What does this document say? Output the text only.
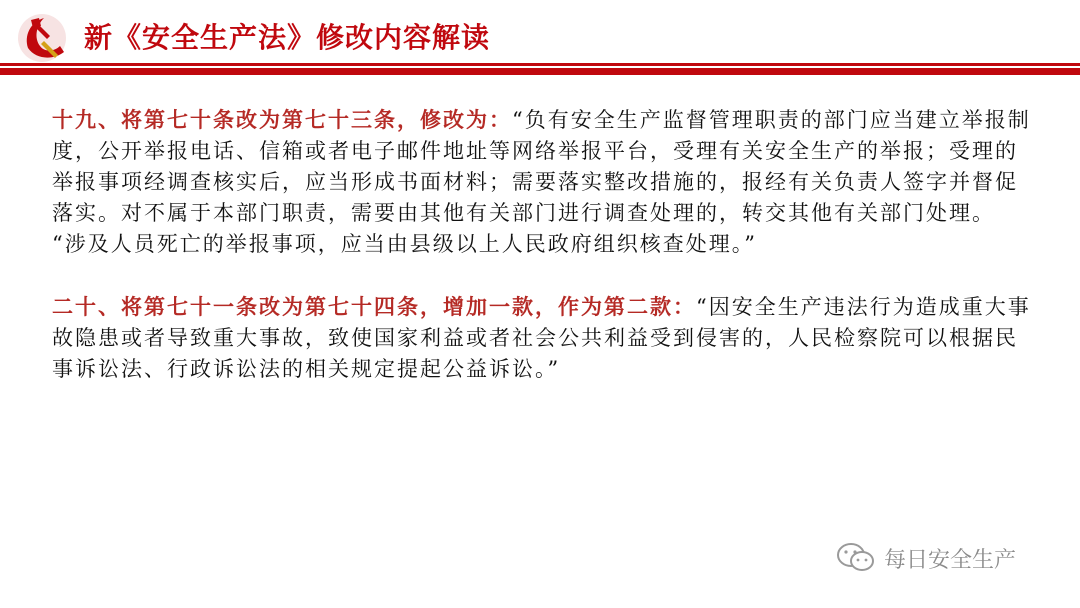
新《安全生产法》修改内容解读

十九、将第七十条改为第七十三条，修改为：“负有安全生产监督管理职责的部门应当建立举报制度，公开举报电话、信箱或者电子邮件地址等网络举报平台，受理有关安全生产的举报；受理的举报事项经调查核实后，应当形成书面材料；需要落实整改措施的，报经有关负责人签字并督促落实。对不属于本部门职责，需要由其他有关部门进行调查处理的，转交其他有关部门处理。

“涉及人员死亡的举报事项，应当由县级以上人民政府组织核查处理。”

二十、将第七十一条改为第七十四条，增加一款，作为第二款：“因安全生产违法行为造成重大事故隐患或者导致重大事故，致使国家利益或者社会公共利益受到侵害的，人民检察院可以根据民事诉讼法、行政诉讼法的相关规定提起公益诉讼。”

每日安全生产
